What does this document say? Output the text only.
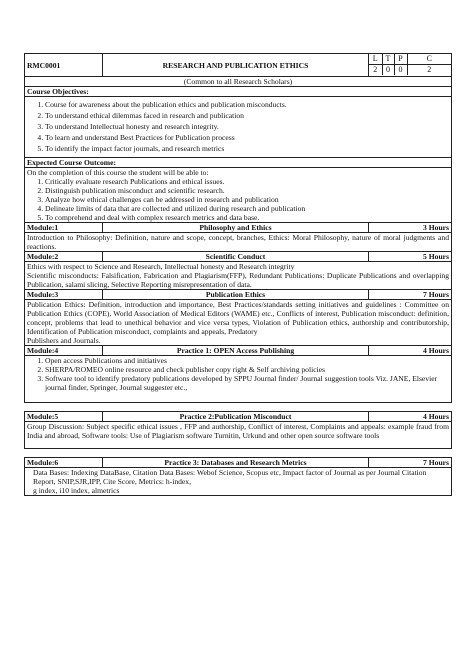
RMC0001	RESEARCH AND PUBLICATION ETHICS	
L	T	P	C
2	0	0	2

(Common to all Research Scholars)
Course Objectives:

1. Course for awareness about the publication ethics and publication misconducts.
2. To understand ethical dilemmas faced in research and publication
3. To understand Intellectual honesty and research integrity.
4. To learn and understand Best Practices for Publication process
5. To identify the impact factor journals, and research metrics

Expected Course Outcome:

On the completion of this course the student will be able to:
1. Critically evaluate research Publications and ethical issues.
2. Distinguish publication misconduct and scientific research.
3. Analyze how ethical challenges can be addressed in research and publication
4. Delineate limits of data that are collected and utilized during research and publication
5. To comprehend and deal with complex research metrics and data base.

Module:1	Philosophy and Ethics	3 Hours
Introduction to Philosophy: Definition, nature and scope, concept, branches, Ethics: Moral Philosophy, nature of moral judgments and reactions.
Module:2	Scientific Conduct	5 Hours

Ethics with respect to Science and Research, Intellectual honesty and Research integrity
Scientific misconducts: Falsification, Fabrication and Plagiarism(FFP), Redundant Publications: Duplicate Publications and overlapping Publication, salami slicing, Selective Reporting misrepresentation of data.

Module:3	Publication Ethics	7 Hours

Publication Ethics: Definition, introduction and importance, Best Practices/standards setting initiatives and guidelines : Committee on Publication Ethics (COPE), World Association of Medical Editors (WAME) etc., Conflicts of interest, Publication misconduct: definition, concept, problems that lead to unethical behavior and vice versa types, Violation of Publication ethics, authorship and contributorship, Identification of Publication misconduct, complaints and appeals, Predatory
Publishers and Journals.

Module:4	Practice 1: OPEN Access Publishing	4 Hours

1. Open access Publications and initiatives
2. SHERPA/ROMEO online resource and check publisher copy right & Self archiving policies
3. Software tool to identify predatory publications developed by SPPU Journal finder/ Journal suggestion tools Viz. JANE, Elsevier journal finder, Springer, Journal suggester etc.,

Module:5	Practice 2:Publication Misconduct	4 Hours
Group Discussion: Subject specific ethical issues , FFP and authorship, Conflict of interest, Complaints and appeals: example fraud from India and abroad, Software tools: Use of Plagiarism software Turnitin, Urkund and other open source software tools

Module:6	Practice 3: Databases and Research Metrics	7 Hours

Data Bases: Indexing DataBase, Citation Data Bases: Webof Science, Scopus etc, Impact factor of Journal as per Journal Citation Report, SNIP,SJR,IPP, Cite Score, Metrics: h-index,
g index, i10 index, almetrics
